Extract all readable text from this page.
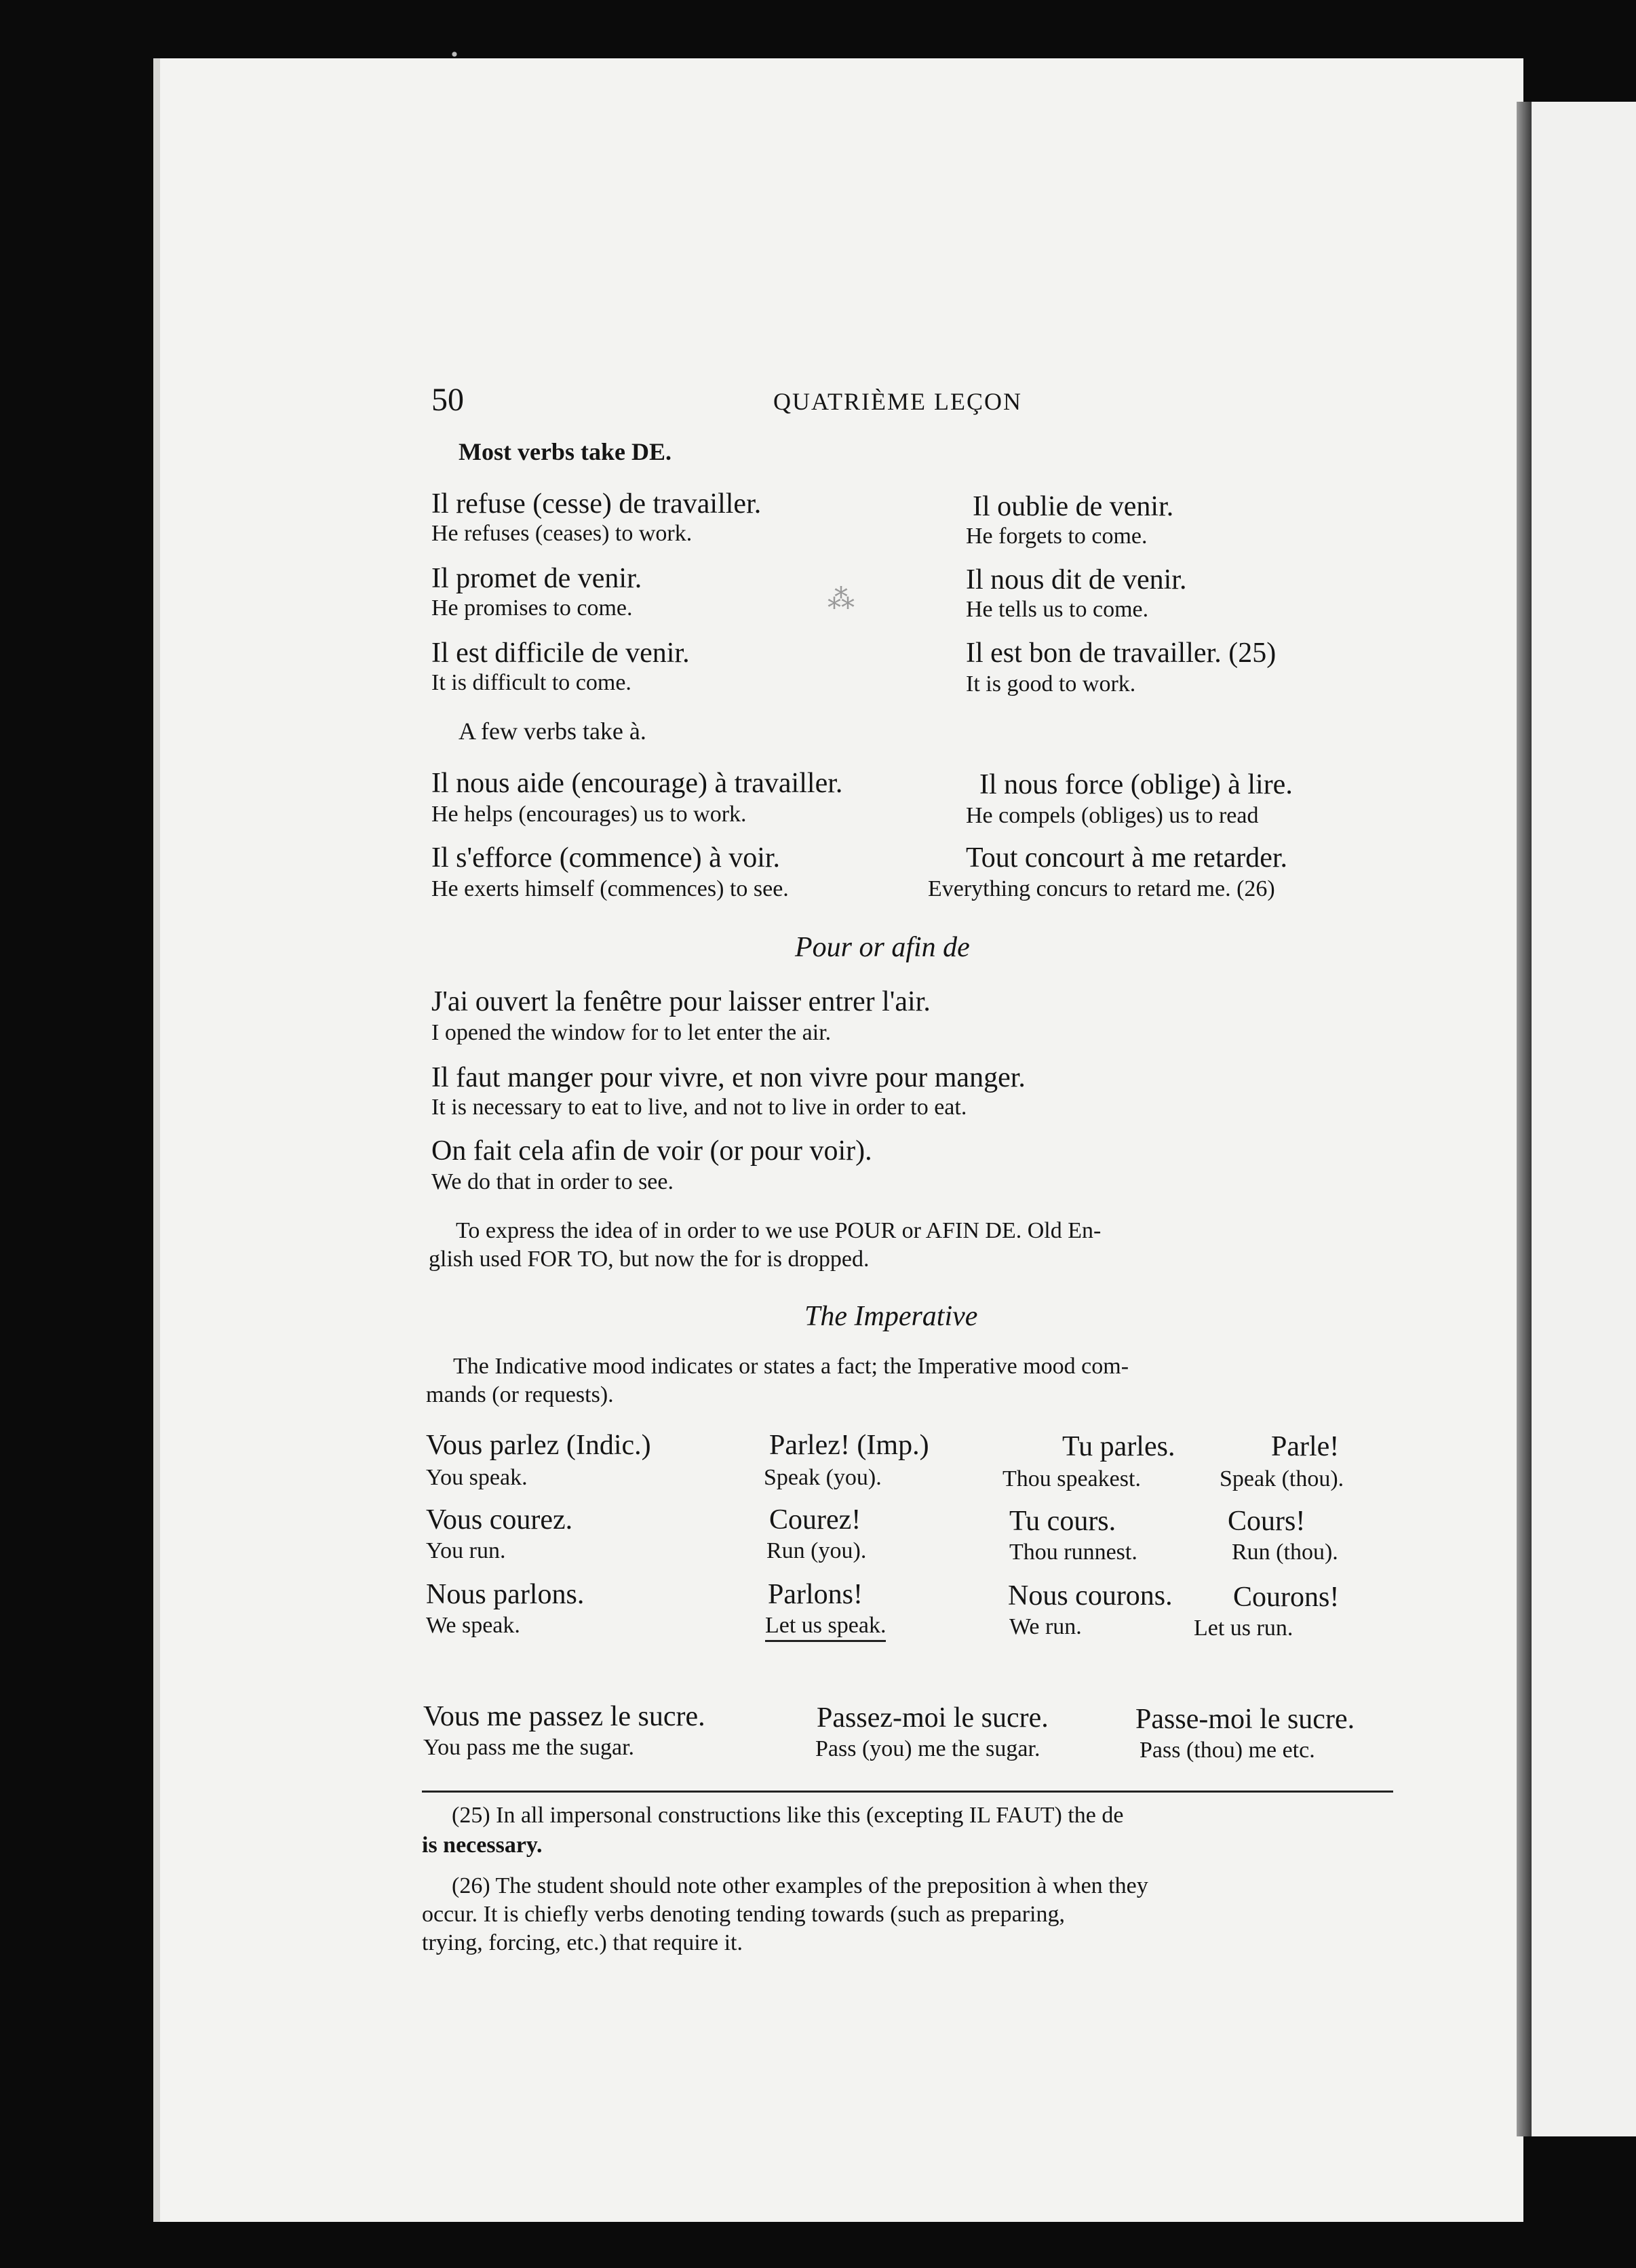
·
⁂
50	QUATRIÈME LEÇON
Most verbs take DE.
Il refuse (cesse) de travailler.
He refuses (ceases) to work.
Il oublie de venir.
He forgets to come.
Il promet de venir.
He promises to come.
Il nous dit de venir.
He tells us to come.
Il est difficile de venir.
It is difficult to come.
Il est bon de travailler. (25)
It is good to work.
A few verbs take à.
Il nous aide (encourage) à travailler.
He helps (encourages) us to work.
Il nous force (oblige) à lire.
He compels (obliges) us to read
Il s'efforce (commence) à voir.
He exerts himself (commences) to see.
Tout concourt à me retarder.
Everything concurs to retard me. (26)
Pour or afin de
J'ai ouvert la fenêtre pour laisser entrer l'air.
I opened the window for to let enter the air.
Il faut manger pour vivre, et non vivre pour manger.
It is necessary to eat to live, and not to live in order to eat.
On fait cela afin de voir (or pour voir).
We do that in order to see.
To express the idea of in order to we use POUR or AFIN DE. Old En-
glish used FOR TO, but now the for is dropped.
The Imperative
The Indicative mood indicates or states a fact; the Imperative mood com-
mands (or requests).
Vous parlez (Indic.)
You speak.
Parlez! (Imp.)
Speak (you).
Tu parles.
Thou speakest.
Parle!
Speak (thou).
Vous courez.
You run.
Courez!
Run (you).
Tu cours.
Thou runnest.
Cours!
Run (thou).
Nous parlons.
We speak.
Parlons!
Let us speak.
Nous courons.
We run.
Courons!
Let us run.
Vous me passez le sucre.
You pass me the sugar.
Passez-moi le sucre.
Pass (you) me the sugar.
Passe-moi le sucre.
Pass (thou) me etc.
(25) In all impersonal constructions like this (excepting IL FAUT) the de
is necessary.
(26) The student should note other examples of the preposition à when they
occur. It is chiefly verbs denoting tending towards (such as preparing,
trying, forcing, etc.) that require it.
